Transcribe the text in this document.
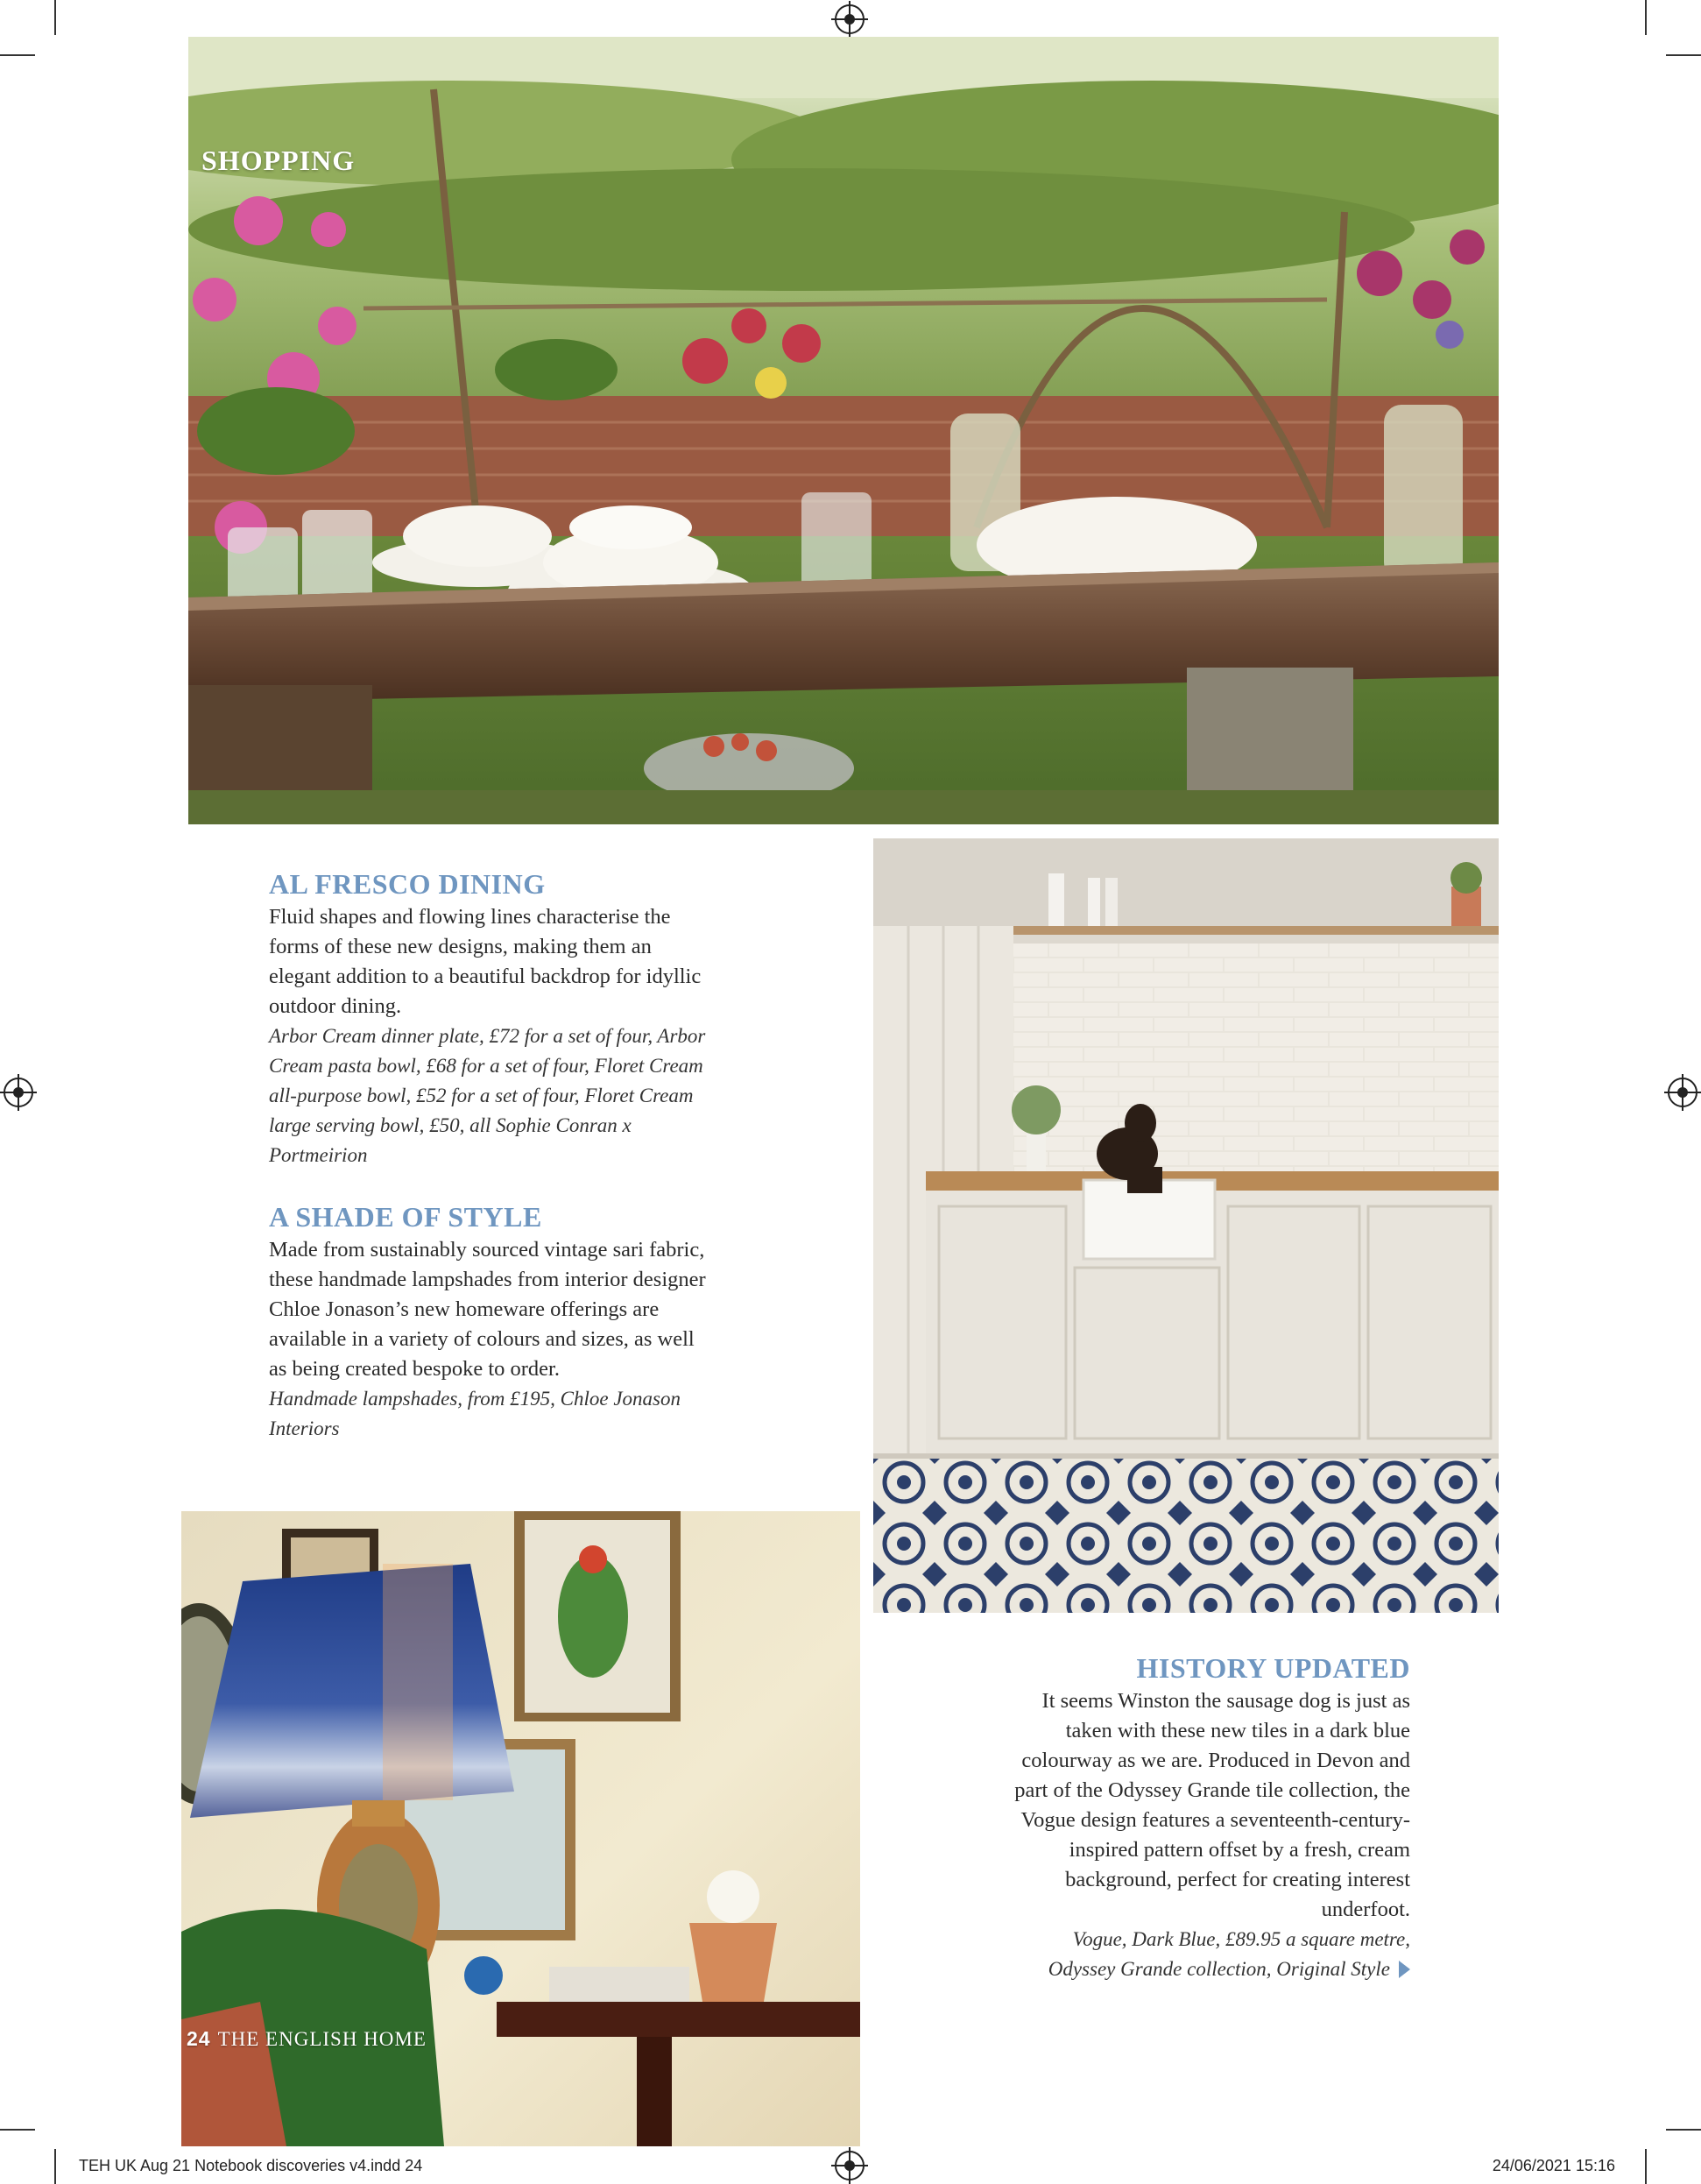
SHOPPING
AL FRESCO DINING

Fluid shapes and flowing lines characterise the forms of these new designs, making them an elegant addition to a beautiful backdrop for idyllic outdoor dining.

Arbor Cream dinner plate, £72 for a set of four, Arbor Cream pasta bowl, £68 for a set of four, Floret Cream all-purpose bowl, £52 for a set of four, Floret Cream large serving bowl, £50, all Sophie Conran x Portmeirion

A SHADE OF STYLE

Made from sustainably sourced vintage sari fabric, these handmade lampshades from interior designer Chloe Jonason’s new homeware offerings are available in a variety of colours and sizes, as well as being created bespoke to order.

Handmade lampshades, from £195, Chloe Jonason Interiors

HISTORY UPDATED

It seems Winston the sausage dog is just as taken with these new tiles in a dark blue colourway as we are. Produced in Devon and part of the Odyssey Grande tile collection, the Vogue design features a seventeenth-century-inspired pattern offset by a fresh, cream background, perfect for creating interest underfoot.

Vogue, Dark Blue, £89.95 a square metre, Odyssey Grande collection, Original Style

24 THE ENGLISH HOME
TEH UK Aug 21 Notebook discoveries v4.indd 24	24/06/2021 15:16
